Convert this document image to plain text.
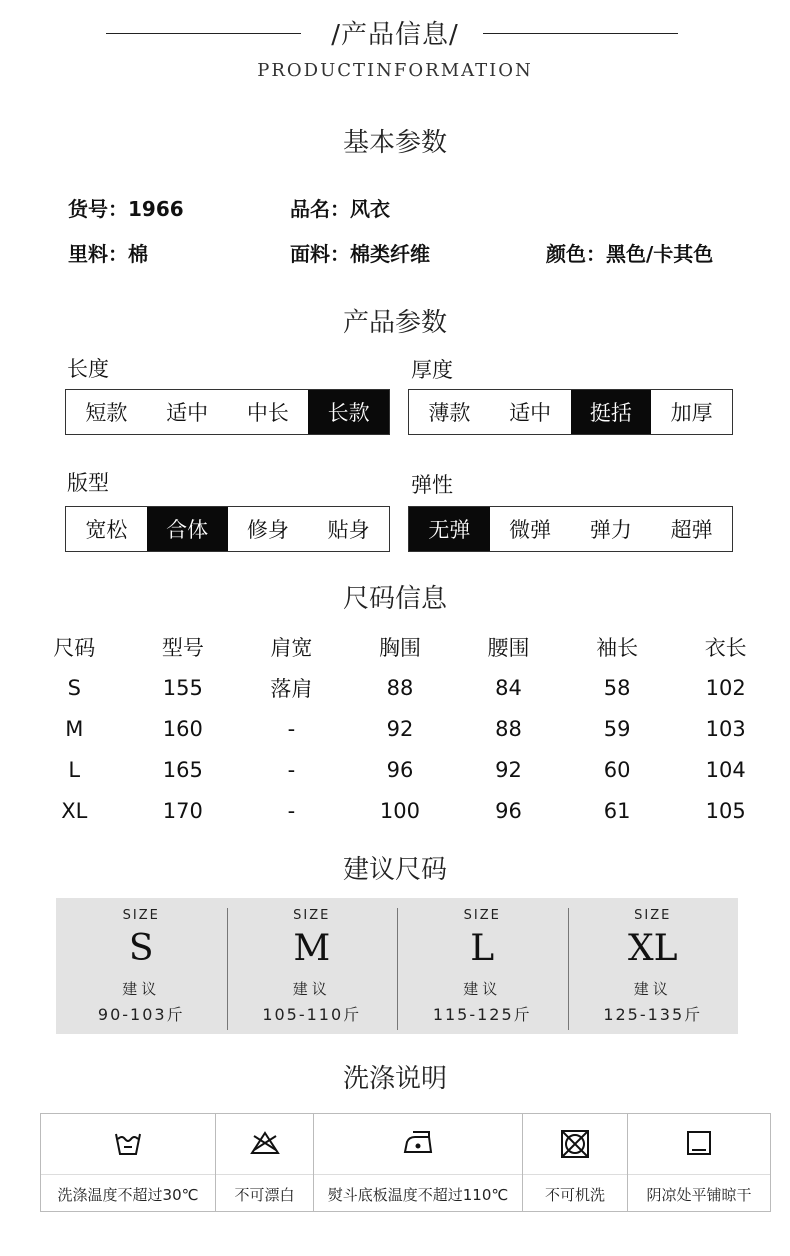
/产品信息/
PRODUCTINFORMATION
基本参数
货号：1966	品名：风衣
里料：棉	面料：棉类纤维	颜色：黑色/卡其色
产品参数
长度
短款	适中	中长	长款
厚度
薄款	适中	挺括	加厚
版型
宽松	合体	修身	贴身
弹性
无弹	微弹	弹力	超弹
尺码信息
尺码	型号	肩宽	胸围	腰围	袖长	衣长
S	155	落肩	88	84	58	102
M	160	-	92	88	59	103
L	165	-	96	92	60	104
XL	170	-	100	96	61	105
建议尺码
SIZE
S
建议
90-103斤
SIZE
M
建议
105-110斤
SIZE
L
建议
115-125斤
SIZE
XL
建议
125-135斤
洗涤说明
洗涤温度不超过30℃	不可漂白	熨斗底板温度不超过110℃	不可机洗	阴凉处平铺晾干
